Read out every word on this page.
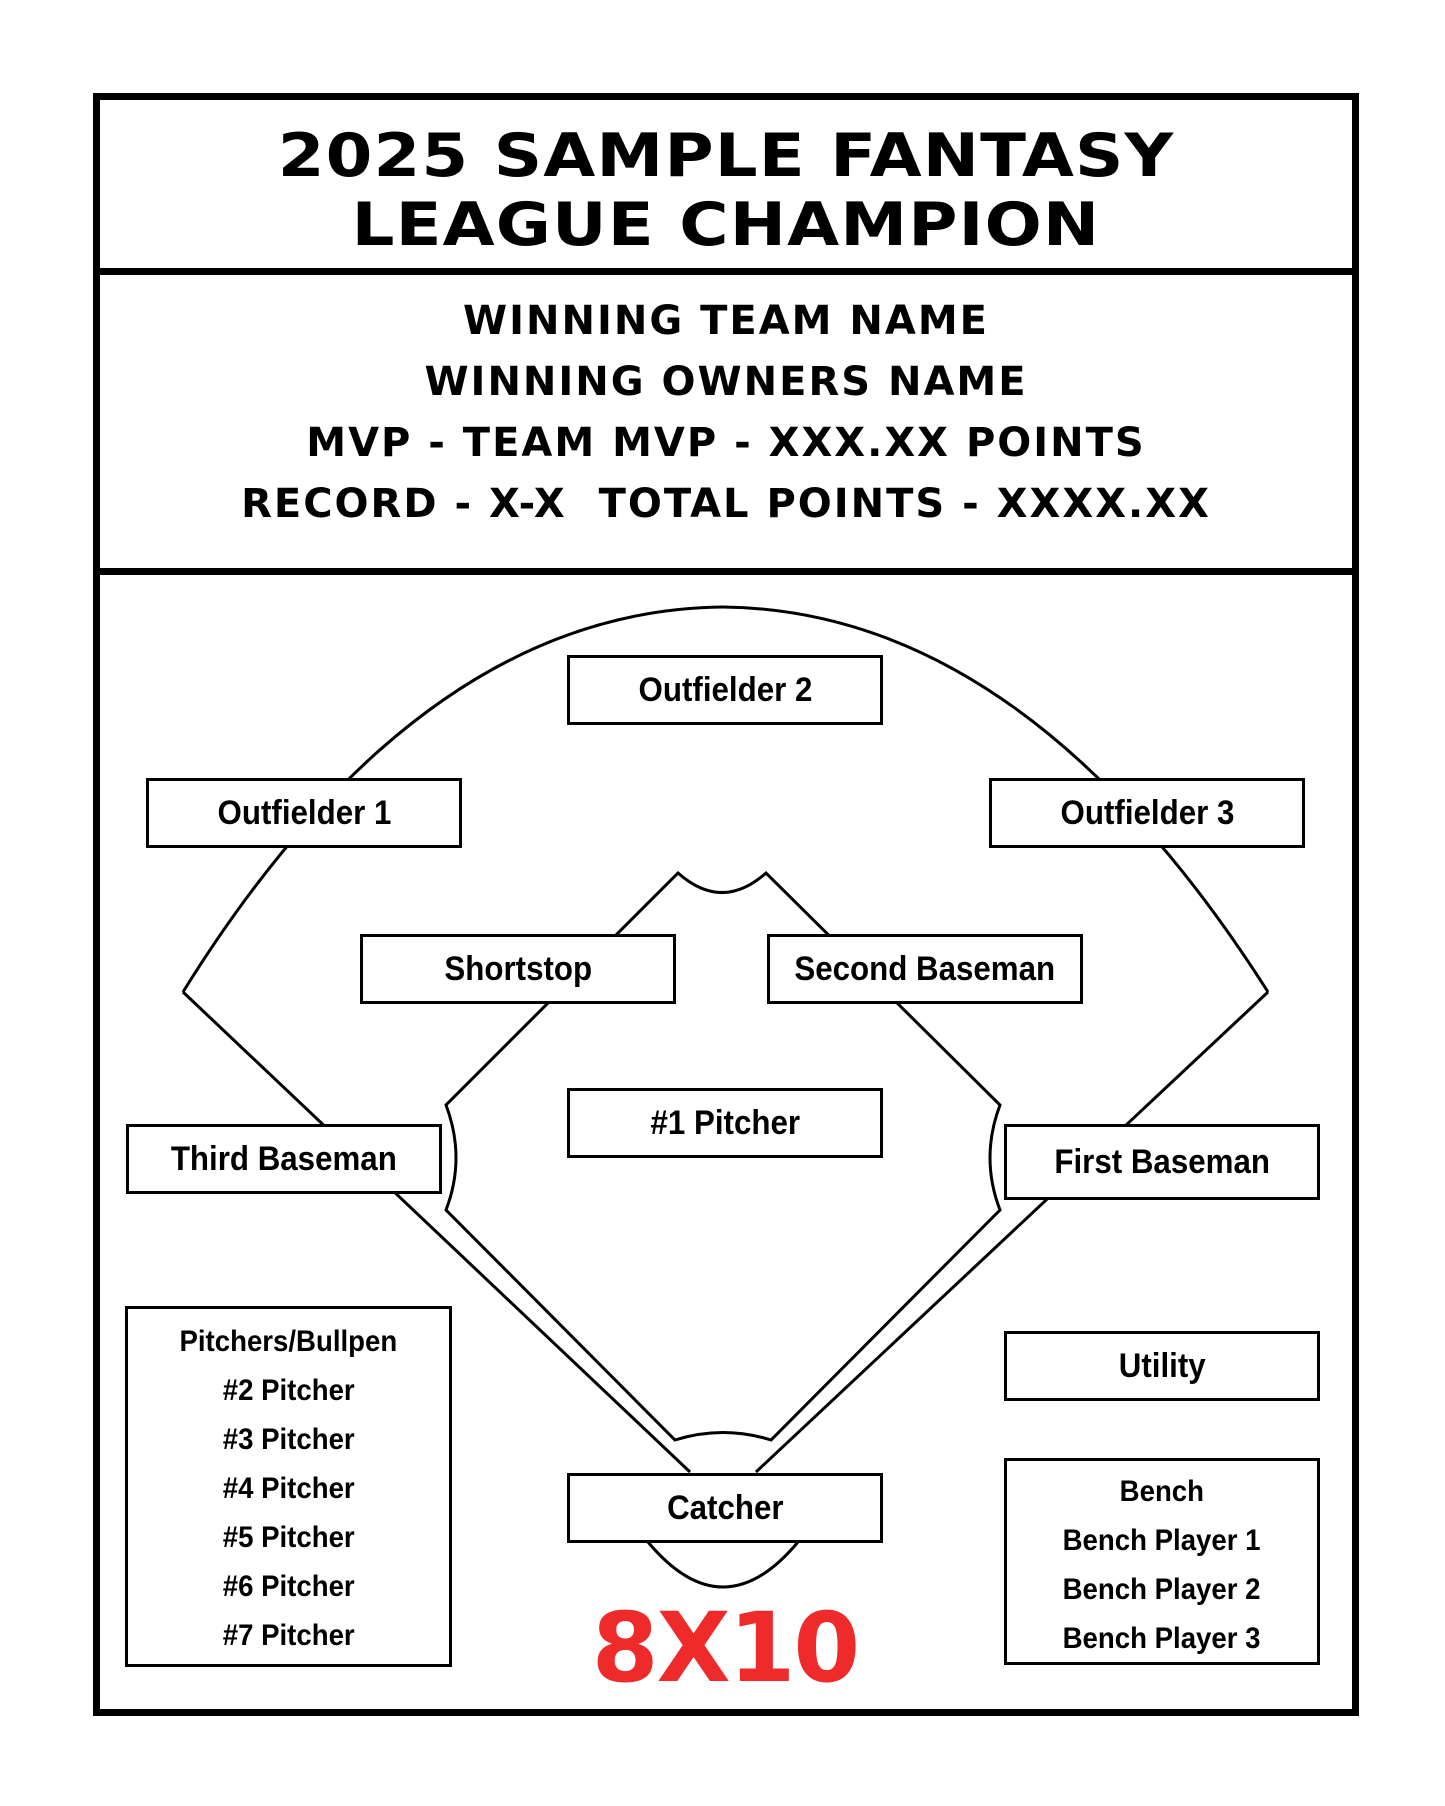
2025 SAMPLE FANTASY
LEAGUE CHAMPION
WINNING TEAM NAME
WINNING OWNERS NAME
MVP - TEAM MVP - XXX.XX POINTS
RECORD - X-X  TOTAL POINTS - XXXX.XX
Outfielder 2
Outfielder 1	Outfielder 3
Shortstop	Second Baseman
#1 Pitcher
Third Baseman	First Baseman
Utility
Catcher
Pitchers/Bullpen
#2 Pitcher
#3 Pitcher
#4 Pitcher
#5 Pitcher
#6 Pitcher
#7 Pitcher
Bench
Bench Player 1
Bench Player 2
Bench Player 3
8X10
